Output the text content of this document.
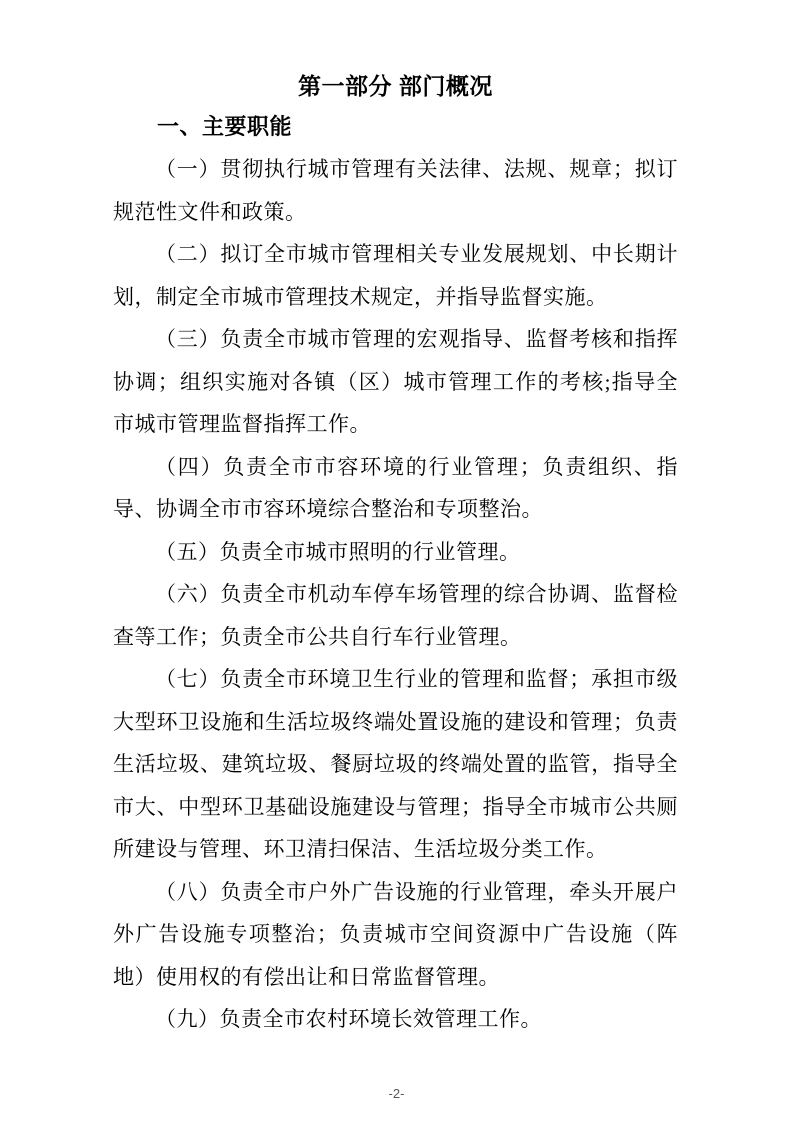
第一部分 部门概况
一、主要职能

（一）贯彻执行城市管理有关法律、法规、规章；拟订规范性文件和政策。

（二）拟订全市城市管理相关专业发展规划、中长期计划，制定全市城市管理技术规定，并指导监督实施。

（三）负责全市城市管理的宏观指导、监督考核和指挥协调；组织实施对各镇（区）城市管理工作的考核;指导全市城市管理监督指挥工作。

（四）负责全市市容环境的行业管理；负责组织、指导、协调全市市容环境综合整治和专项整治。

（五）负责全市城市照明的行业管理。

（六）负责全市机动车停车场管理的综合协调、监督检查等工作；负责全市公共自行车行业管理。

（七）负责全市环境卫生行业的管理和监督；承担市级大型环卫设施和生活垃圾终端处置设施的建设和管理；负责生活垃圾、建筑垃圾、餐厨垃圾的终端处置的监管，指导全市大、中型环卫基础设施建设与管理；指导全市城市公共厕所建设与管理、环卫清扫保洁、生活垃圾分类工作。

（八）负责全市户外广告设施的行业管理，牵头开展户外广告设施专项整治；负责城市空间资源中广告设施（阵地）使用权的有偿出让和日常监督管理。

（九）负责全市农村环境长效管理工作。

-2-
